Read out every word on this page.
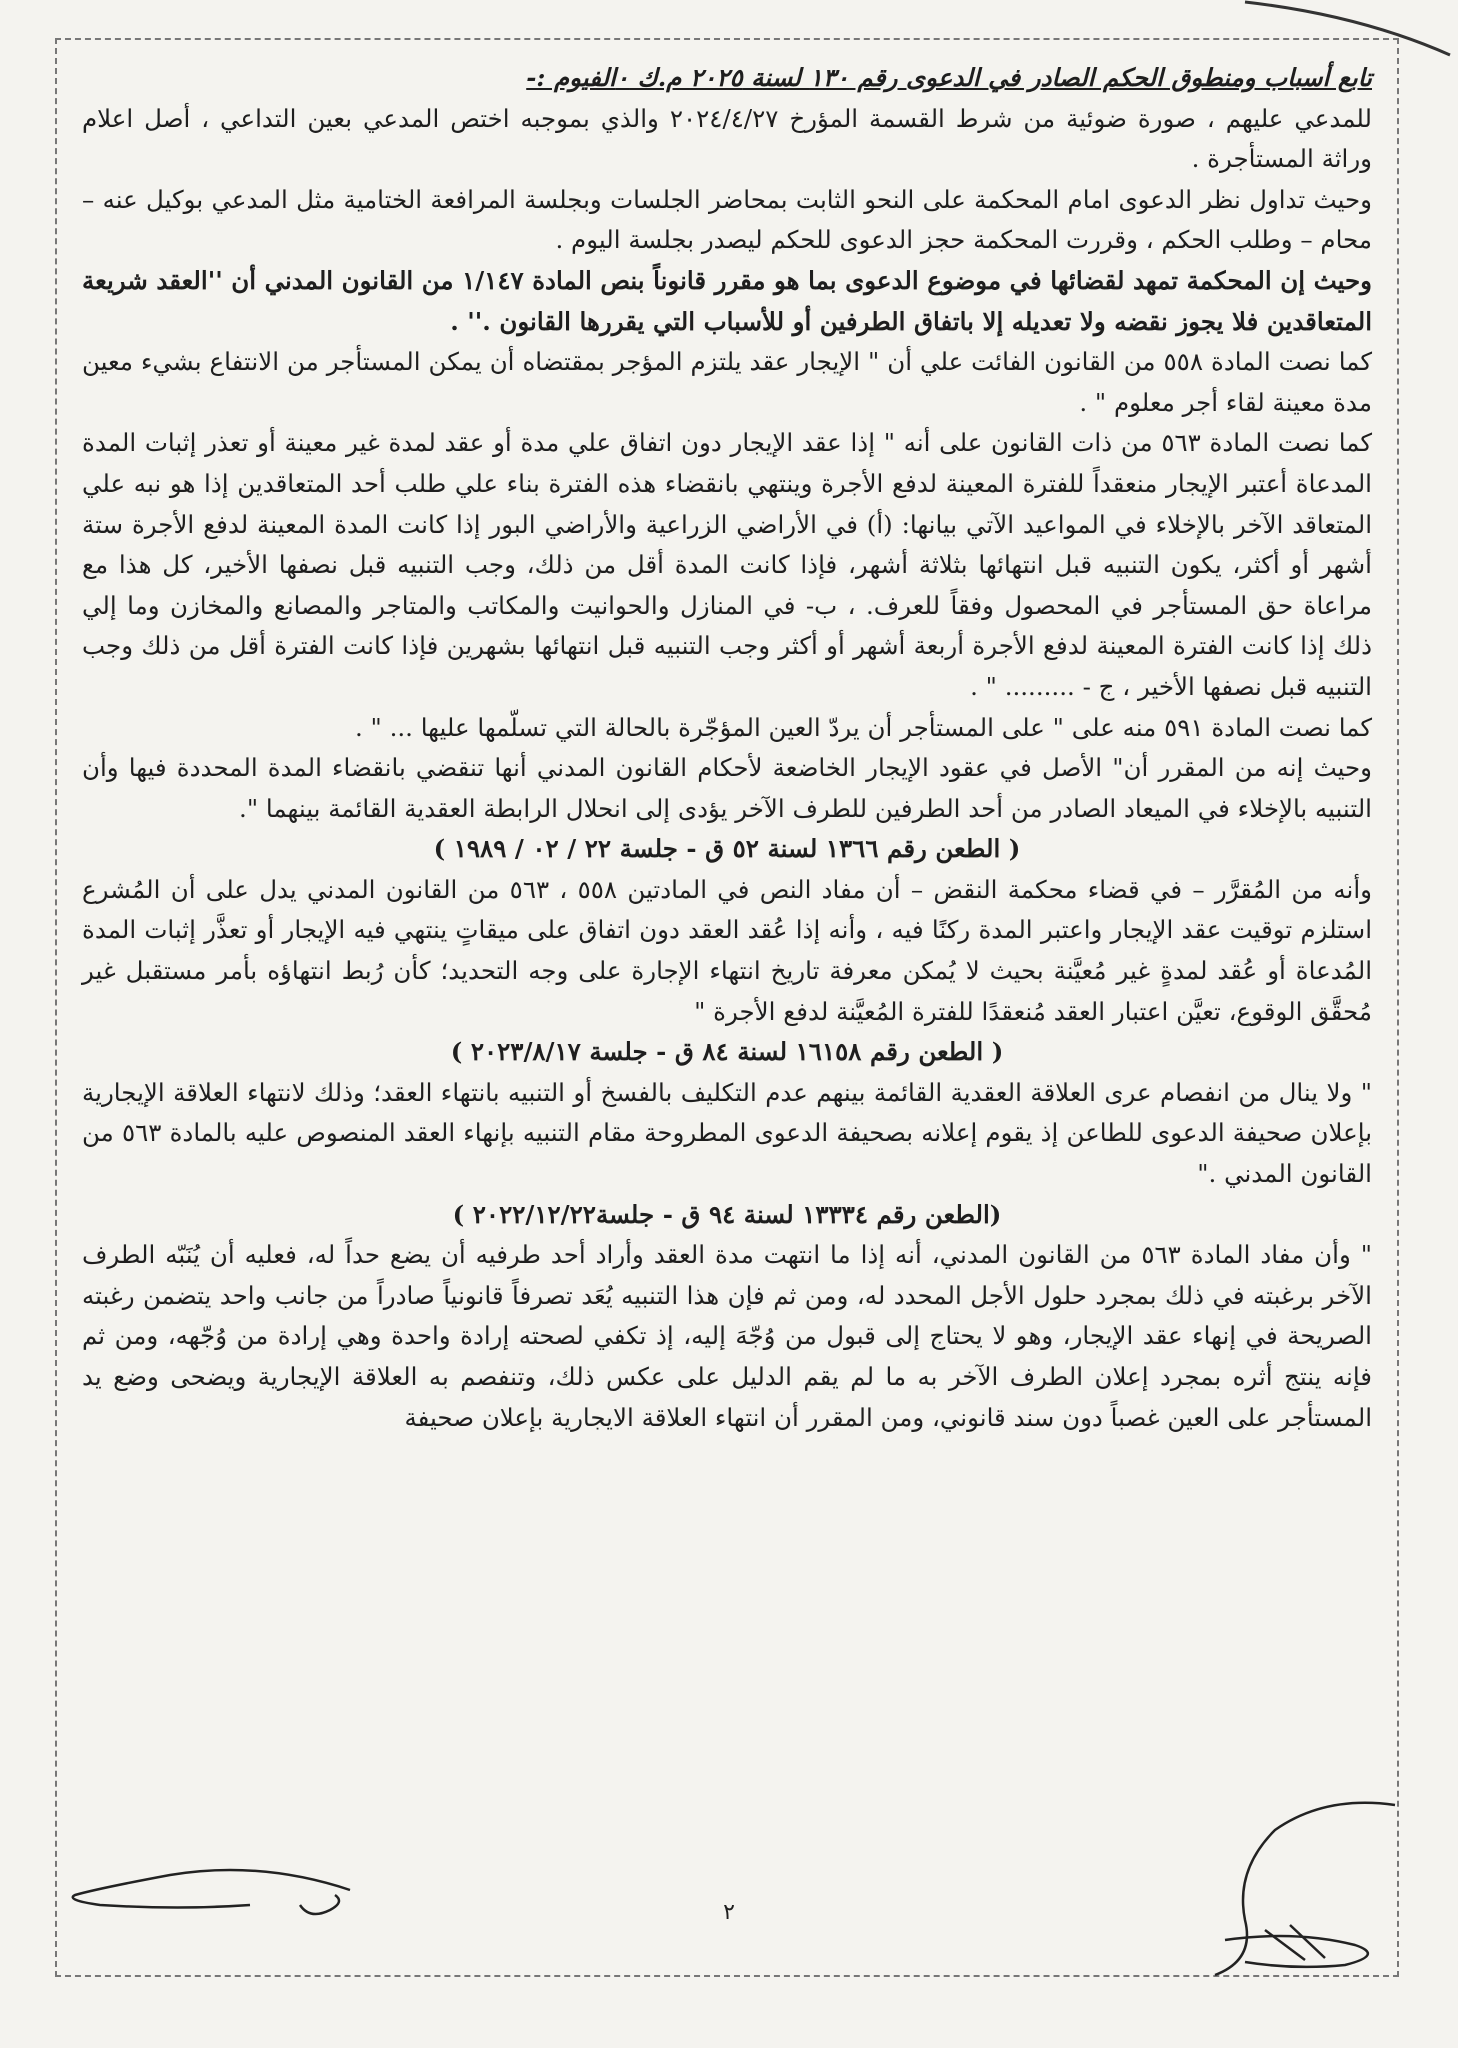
تابع أسباب ومنطوق الحكم الصادر في الدعوى رقم ١٣٠ لسنة ٢٠٢٥ م.ك ٠الفيوم :-

للمدعي عليهم ، صورة ضوئية من شرط القسمة المؤرخ ٢٠٢٤/٤/٢٧ والذي بموجبه اختص المدعي بعين التداعي ، أصل اعلام وراثة المستأجرة .

وحيث تداول نظر الدعوى امام المحكمة على النحو الثابت بمحاضر الجلسات وبجلسة المرافعة الختامية مثل المدعي بوكيل عنه – محام – وطلب الحكم ، وقررت المحكمة حجز الدعوى للحكم ليصدر بجلسة اليوم .

وحيث إن المحكمة تمهد لقضائها في موضوع الدعوى بما هو مقرر قانوناً بنص المادة ١/١٤٧ من القانون المدني أن ''العقد شريعة المتعاقدين فلا يجوز نقضه ولا تعديله إلا باتفاق الطرفين أو للأسباب التي يقررها القانون .'' .

كما نصت المادة ٥٥٨ من القانون الفائت علي أن " الإيجار عقد يلتزم المؤجر بمقتضاه أن يمكن المستأجر من الانتفاع بشيء معين مدة معينة لقاء أجر معلوم " .

كما نصت المادة ٥٦٣ من ذات القانون على أنه " إذا عقد الإيجار دون اتفاق علي مدة أو عقد لمدة غير معينة أو تعذر إثبات المدة المدعاة أعتبر الإيجار منعقداً للفترة المعينة لدفع الأجرة وينتهي بانقضاء هذه الفترة بناء علي طلب أحد المتعاقدين إذا هو نبه علي المتعاقد الآخر بالإخلاء في المواعيد الآتي بيانها: (أ) في الأراضي الزراعية والأراضي البور إذا كانت المدة المعينة لدفع الأجرة ستة أشهر أو أكثر، يكون التنبيه قبل انتهائها بثلاثة أشهر، فإذا كانت المدة أقل من ذلك، وجب التنبيه قبل نصفها الأخير، كل هذا مع مراعاة حق المستأجر في المحصول وفقاً للعرف. ، ب- في المنازل والحوانيت والمكاتب والمتاجر والمصانع والمخازن وما إلي ذلك إذا كانت الفترة المعينة لدفع الأجرة أربعة أشهر أو أكثر وجب التنبيه قبل انتهائها بشهرين فإذا كانت الفترة أقل من ذلك وجب التنبيه قبل نصفها الأخير ، ج - ......... " .

كما نصت المادة ٥٩١ منه على " على المستأجر أن يردّ العين المؤجّرة بالحالة التي تسلّمها عليها ... " .

وحيث إنه من المقرر أن" الأصل في عقود الإيجار الخاضعة لأحكام القانون المدني أنها تنقضي بانقضاء المدة المحددة فيها وأن التنبيه بالإخلاء في الميعاد الصادر من أحد الطرفين للطرف الآخر يؤدى إلى انحلال الرابطة العقدية القائمة بينهما ".

( الطعن رقم ١٣٦٦ لسنة ٥٢ ق - جلسة ٢٢ / ٠٢ / ١٩٨٩ )

وأنه من المُقرَّر – في قضاء محكمة النقض – أن مفاد النص في المادتين ٥٥٨ ، ٥٦٣ من القانون المدني يدل على أن المُشرع استلزم توقيت عقد الإيجار واعتبر المدة ركنًا فيه ، وأنه إذا عُقد العقد دون اتفاق على ميقاتٍ ينتهي فيه الإيجار أو تعذَّر إثبات المدة المُدعاة أو عُقد لمدةٍ غير مُعيَّنة بحيث لا يُمكن معرفة تاريخ انتهاء الإجارة على وجه التحديد؛ كأن رُبط انتهاؤه بأمر مستقبل غير مُحقَّق الوقوع، تعيَّن اعتبار العقد مُنعقدًا للفترة المُعيَّنة لدفع الأجرة "

( الطعن رقم ١٦١٥٨ لسنة ٨٤ ق - جلسة ٢٠٢٣/٨/١٧ )

" ولا ينال من انفصام عرى العلاقة العقدية القائمة بينهم عدم التكليف بالفسخ أو التنبيه بانتهاء العقد؛ وذلك لانتهاء العلاقة الإيجارية بإعلان صحيفة الدعوى للطاعن إذ يقوم إعلانه بصحيفة الدعوى المطروحة مقام التنبيه بإنهاء العقد المنصوص عليه بالمادة ٥٦٣ من القانون المدني ."

(الطعن رقم ١٣٣٣٤ لسنة ٩٤ ق - جلسة٢٠٢٢/١٢/٢٢ )

" وأن مفاد المادة ٥٦٣ من القانون المدني، أنه إذا ما انتهت مدة العقد وأراد أحد طرفيه أن يضع حداً له، فعليه أن يُنَبّه الطرف الآخر برغبته في ذلك بمجرد حلول الأجل المحدد له، ومن ثم فإن هذا التنبيه يُعَد تصرفاً قانونياً صادراً من جانب واحد يتضمن رغبته الصريحة في إنهاء عقد الإيجار، وهو لا يحتاج إلى قبول من وُجّهَ إليه، إذ تكفي لصحته إرادة واحدة وهي إرادة من وُجّهه، ومن ثم فإنه ينتج أثره بمجرد إعلان الطرف الآخر به ما لم يقم الدليل على عكس ذلك، وتنفصم به العلاقة الإيجارية ويضحى وضع يد المستأجر على العين غصباً دون سند قانوني، ومن المقرر أن انتهاء العلاقة الايجارية بإعلان صحيفة

٢
